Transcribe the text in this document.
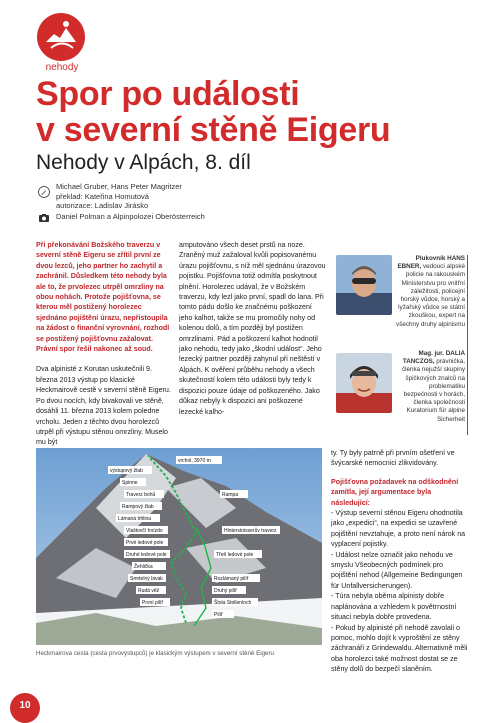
nehody
Spor po události
v severní stěně Eigeru
Nehody v Alpách, 8. díl
Michael Gruber, Hans Peter Magritzer
překlad: Kateřina Homutová
autorizace: Ladislav Jirásko
Daniel Polman a Alpinpolozei Oberösterreich

Při překonávání Božského traverzu v severní stěně Eigeru se zřítil první ze dvou lezců, jeho partner ho zachytil a zachránil. Důsledkem této nehody byla ale to, že prvolezec utrpěl omrzliny na obou nohách. Protože pojišťovna, se kterou měl postižený horolezec sjednáno pojištění úrazu, nepřistoupila na žádost o finanční vyrovnání, rozhodl se postižený pojišťovnu zažalovat. Právní spor řešil nakonec až soud.

Dva alpinisté z Korutan uskutečnili 9. března 2013 výstup po klasické Heckmairově cestě v severní stěně Eigeru. Po dvou nocích, kdy bivakovali ve stěně, dosáhli 11. března 2013 kolem poledne vrcholu. Jeden z těchto dvou horolezců utrpěl při výstupu stěnou omrzliny. Muselo mu být

amputováno všech deset prstů na noze. Zraněný muž zažaloval kvůli popisovanému úrazu pojišťovnu, s níž měl sjednánu úrazovou pojistku. Pojišťovna totiž odmítla poskytnout plnění. Horolezec udával, že v Božském traverzu, kdy lezl jako první, spadl do lana. Při tomto pádu došlo ke značnému poškození jeho kalhot, takže se mu promočily nohy od kolenou dolů, a tím později byl postižen omrzlinami. Pád a poškození kalhot hodnotil jako nehodu, tedy jako „škodní událost“. Jeho lezecký partner později zahynul při neštěstí v Alpách. K ověření průběhu nehody a všech skutečností kolem této události byly tedy k dispozici pouze údaje od poškozeného. Jako důkaz nebyly k dispozici ani poškozené lezecké kalho-

Plukovník HANS EBNER, vedoucí alpské policie na rakouském Ministerstvu pro vnitřní záležitosti, policejní horský vůdce, horský a lyžařský vůdce se státní zkouškou, expert na všechny druhy alpinismu
Mag. jur. DALIA TANCZOS, právnička, členka nejužší skupiny špičkových znalců na problematiku bezpečnosti v horách, členka společnosti Kuratorium für alpine Sicherheit
vrchol, 3970 m
výstupový žlab
Spinne
Traverz bohů	Rampa
Rampový žlab
Lámaná trhlina
Hinterstoisserův traverz
Vlaštovčí hnízdo
Prvé ledové pole
Druhé ledové pole	Třetí ledové pole
Žehlička
Smrtelný bivak	Rozlámaný pilíř
Rudá věž	Druhý pilíř
První pilíř	Štola Stollenloch
Pilíř
Heckmairova cesta (cesta prvovýstupců) je klasickým výstupem v severní stěně Eigeru

ty. Ty byly patrně při prvním ošetření ve švýcarské nemocnici zlikvidovány.

Pojišťovna požadavek na odškodnění zamítla, její argumentace byla následující:

- Výstup severní stěnou Eigeru ohodnotila jako „expedici“, na expedici se uzavřené pojištění nevztahuje, a proto není nárok na vyplacení pojistky.

- Událost nelze označit jako nehodu ve smyslu Všeobecných podmínek pro pojištění nehod (Allgemeine Bedingungen für Unfallversicherungen).

- Túra nebyla oběma alpinisty dobře naplánována a vzhledem k povětrnostní situaci nebyla dobře provedena.

- Pokud by alpinisté při nehodě zavolali o pomoc, mohlo dojít k vyproštění ze stěny záchranáři z Grindewaldu. Alternativně měli oba horolezci také možnost dostat se ze stěny dolů do bezpečí slaněním.

10
